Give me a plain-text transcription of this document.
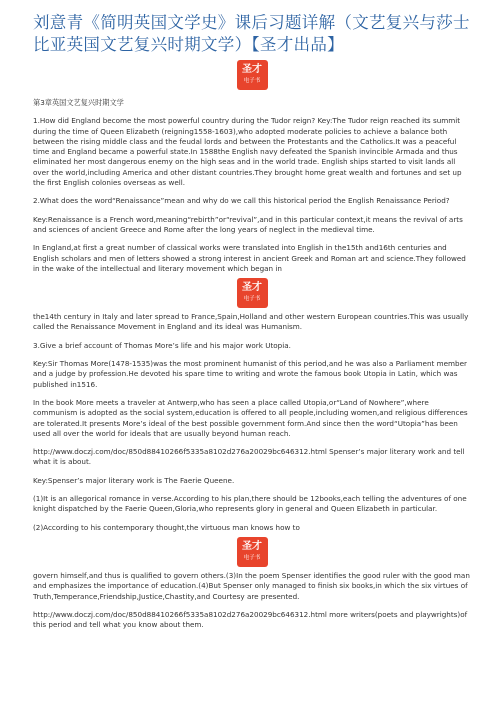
刘意青《简明英国文学史》课后习题详解（文艺复兴与莎士比亚英国文艺复兴时期文学）【圣才出品】
圣才
电子书

第3章英国文艺复兴时期文学

1.How did England become the most powerful country during the Tudor reign? Key:The Tudor reign reached its summit during the time of Queen Elizabeth (reigning1558-1603),who adopted moderate policies to achieve a balance both between the rising middle class and the feudal lords and between the Protestants and the Catholics.It was a peaceful time and England became a powerful state.In 1588the English navy defeated the Spanish invincible Armada and thus eliminated her most dangerous enemy on the high seas and in the world trade. English ships started to visit lands all over the world,including America and other distant countries.They brought home great wealth and fortunes and set up the first English colonies overseas as well.

2.What does the word“Renaissance”mean and why do we call this historical period the English Renaissance Period?

Key:Renaissance is a French word,meaning“rebirth”or“revival”,and in this particular context,it means the revival of arts and sciences of ancient Greece and Rome after the long years of neglect in the medieval time.

In England,at first a great number of classical works were translated into English in the15th and16th centuries and English scholars and men of letters showed a strong interest in ancient Greek and Roman art and science.They followed in the wake of the intellectual and literary movement which began in

圣才
电子书

the14th century in Italy and later spread to France,Spain,Holland and other western European countries.This was usually called the Renaissance Movement in England and its ideal was Humanism.

3.Give a brief account of Thomas More’s life and his major work Utopia.

Key:Sir Thomas More(1478-1535)was the most prominent humanist of this period,and he was also a Parliament member and a judge by profession.He devoted his spare time to writing and wrote the famous book Utopia in Latin, which was published in1516.

In the book More meets a traveler at Antwerp,who has seen a place called Utopia,or“Land of Nowhere”,where communism is adopted as the social system,education is offered to all people,including women,and religious differences are tolerated.It presents More’s ideal of the best possible government form.And since then the word“Utopia”has been used all over the world for ideals that are usually beyond human reach.

http://www.doczj.com/doc/850d88410266f5335a8102d276a20029bc646312.html Spenser’s major literary work and tell what it is about.

Key:Spenser’s major literary work is The Faerie Queene.

(1)It is an allegorical romance in verse.According to his plan,there should be 12books,each telling the adventures of one knight dispatched by the Faerie Queen,Gloria,who represents glory in general and Queen Elizabeth in particular.

(2)According to his contemporary thought,the virtuous man knows how to

圣才
电子书

govern himself,and thus is qualified to govern others.(3)In the poem Spenser identifies the good ruler with the good man and emphasizes the importance of education.(4)But Spenser only managed to finish six books,in which the six virtues of Truth,Temperance,Friendship,Justice,Chastity,and Courtesy are presented.

http://www.doczj.com/doc/850d88410266f5335a8102d276a20029bc646312.html more writers(poets and playwrights)of this period and tell what you know about them.
